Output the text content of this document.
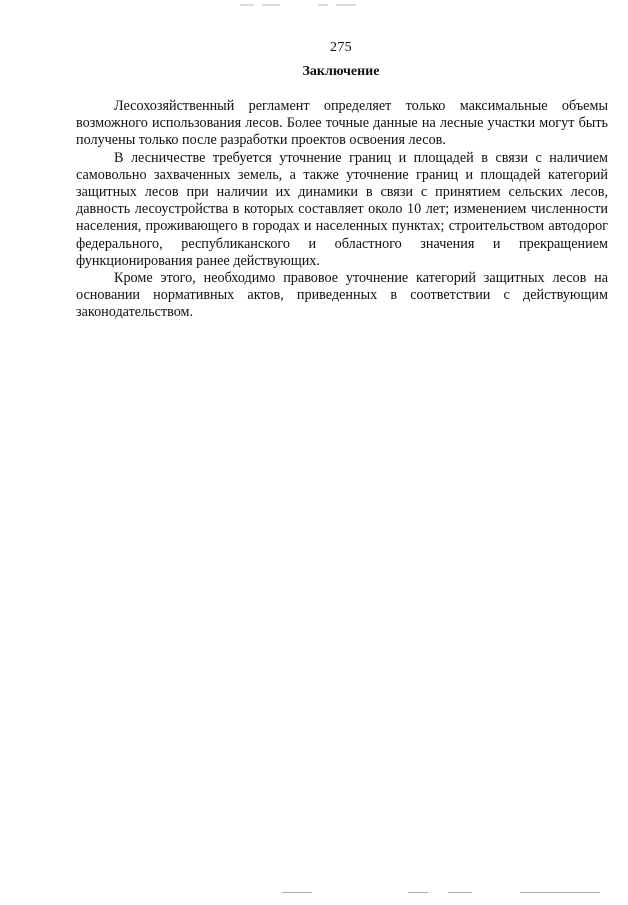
275
Заключение

Лесохозяйственный регламент определяет только максимальные объемы возможного использования лесов. Более точные данные на лесные участки могут быть получены только после разработки проектов освоения лесов.

В лесничестве требуется уточнение границ и площадей в связи с наличием самовольно захваченных земель, а также уточнение границ и площадей категорий защитных лесов при наличии их динамики в связи с принятием сельских лесов, давность лесоустройства в которых составляет около 10 лет; изменением численности населения, проживающего в городах и населенных пунктах; строительством автодорог федерального, республиканского и областного значения и прекращением функционирования ранее действующих.

Кроме этого, необходимо правовое уточнение категорий защитных лесов на основании нормативных актов, приведенных в соответствии с действующим законодательством.
